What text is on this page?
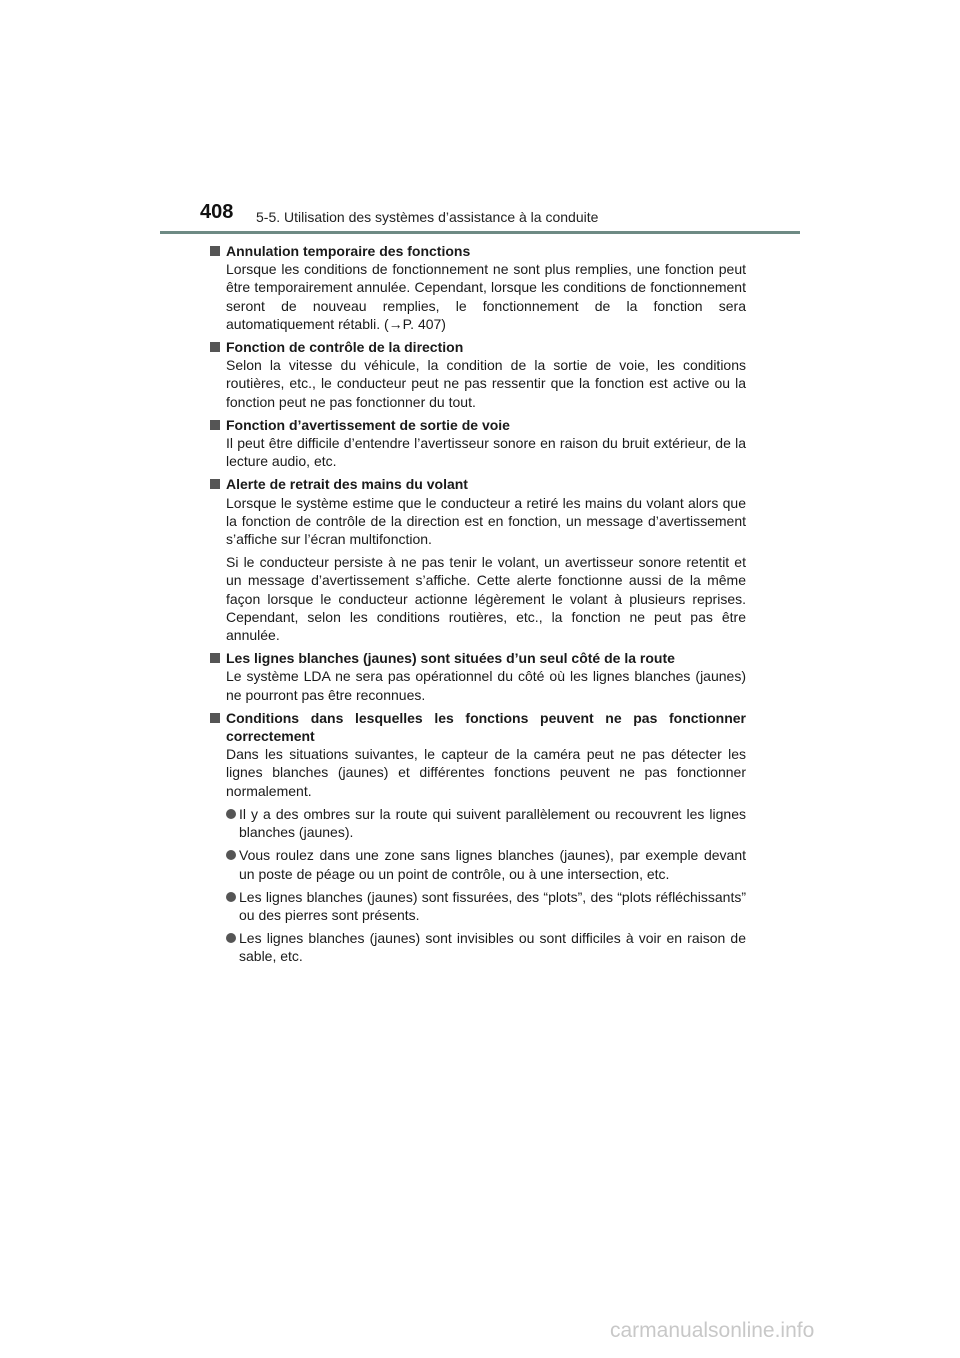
408 5-5. Utilisation des systèmes d’assistance à la conduite
Annulation temporaire des fonctions

Lorsque les conditions de fonctionnement ne sont plus remplies, une fonction peut être temporairement annulée. Cependant, lorsque les conditions de fonctionnement seront de nouveau remplies, le fonctionnement de la fonction sera automatiquement rétabli. (→P. 407)

Fonction de contrôle de la direction

Selon la vitesse du véhicule, la condition de la sortie de voie, les conditions routières, etc., le conducteur peut ne pas ressentir que la fonction est active ou la fonction peut ne pas fonctionner du tout.

Fonction d’avertissement de sortie de voie

Il peut être difficile d’entendre l’avertisseur sonore en raison du bruit extérieur, de la lecture audio, etc.

Alerte de retrait des mains du volant

Lorsque le système estime que le conducteur a retiré les mains du volant alors que la fonction de contrôle de la direction est en fonction, un message d’avertissement s’affiche sur l’écran multifonction.

Si le conducteur persiste à ne pas tenir le volant, un avertisseur sonore retentit et un message d’avertissement s’affiche. Cette alerte fonctionne aussi de la même façon lorsque le conducteur actionne légèrement le volant à plusieurs reprises. Cependant, selon les conditions routières, etc., la fonction ne peut pas être annulée.

Les lignes blanches (jaunes) sont situées d’un seul côté de la route

Le système LDA ne sera pas opérationnel du côté où les lignes blanches (jaunes) ne pourront pas être reconnues.

Conditions dans lesquelles les fonctions peuvent ne pas fonctionner correctement

Dans les situations suivantes, le capteur de la caméra peut ne pas détecter les lignes blanches (jaunes) et différentes fonctions peuvent ne pas fonctionner normalement.

Il y a des ombres sur la route qui suivent parallèlement ou recouvrent les lignes blanches (jaunes).
Vous roulez dans une zone sans lignes blanches (jaunes), par exemple devant un poste de péage ou un point de contrôle, ou à une intersection, etc.
Les lignes blanches (jaunes) sont fissurées, des “plots”, des “plots réfléchissants” ou des pierres sont présents.
Les lignes blanches (jaunes) sont invisibles ou sont difficiles à voir en raison de sable, etc.
carmanualsonline.info
